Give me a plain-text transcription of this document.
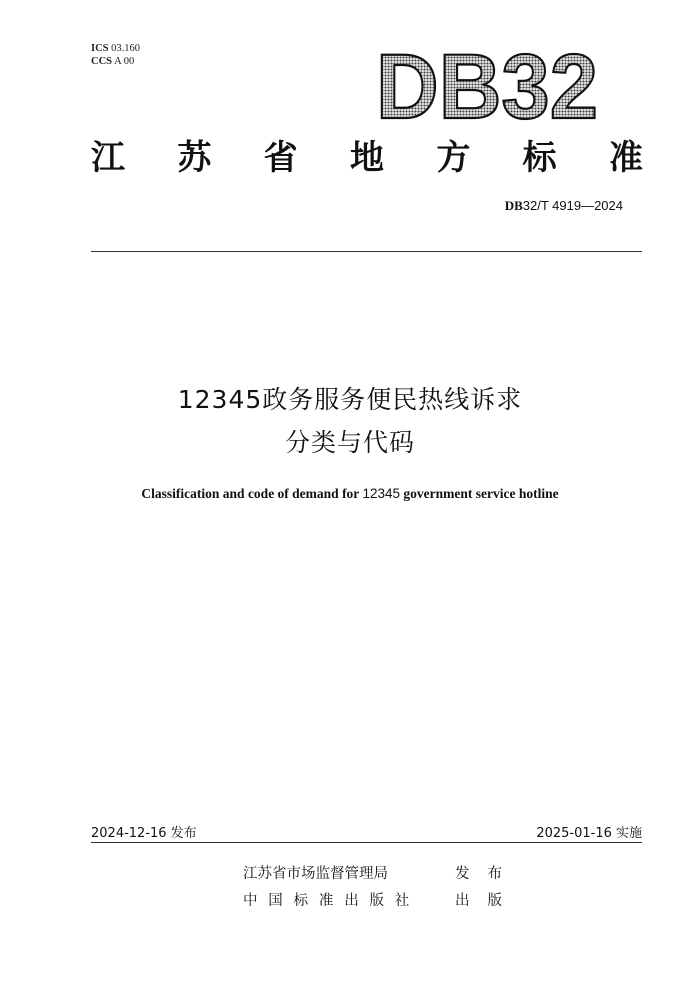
ICS 03.160
CCS A 00	DB32
江 苏 省 地 方 标 准
DB32/T 4919—2024
12345政务服务便民热线诉求
分类与代码
Classification and code of demand for 12345 government service hotline
2024-12-16 发布	2025-01-16 实施
江苏省市场监督管理局	发布
中国标准出版社	出版
